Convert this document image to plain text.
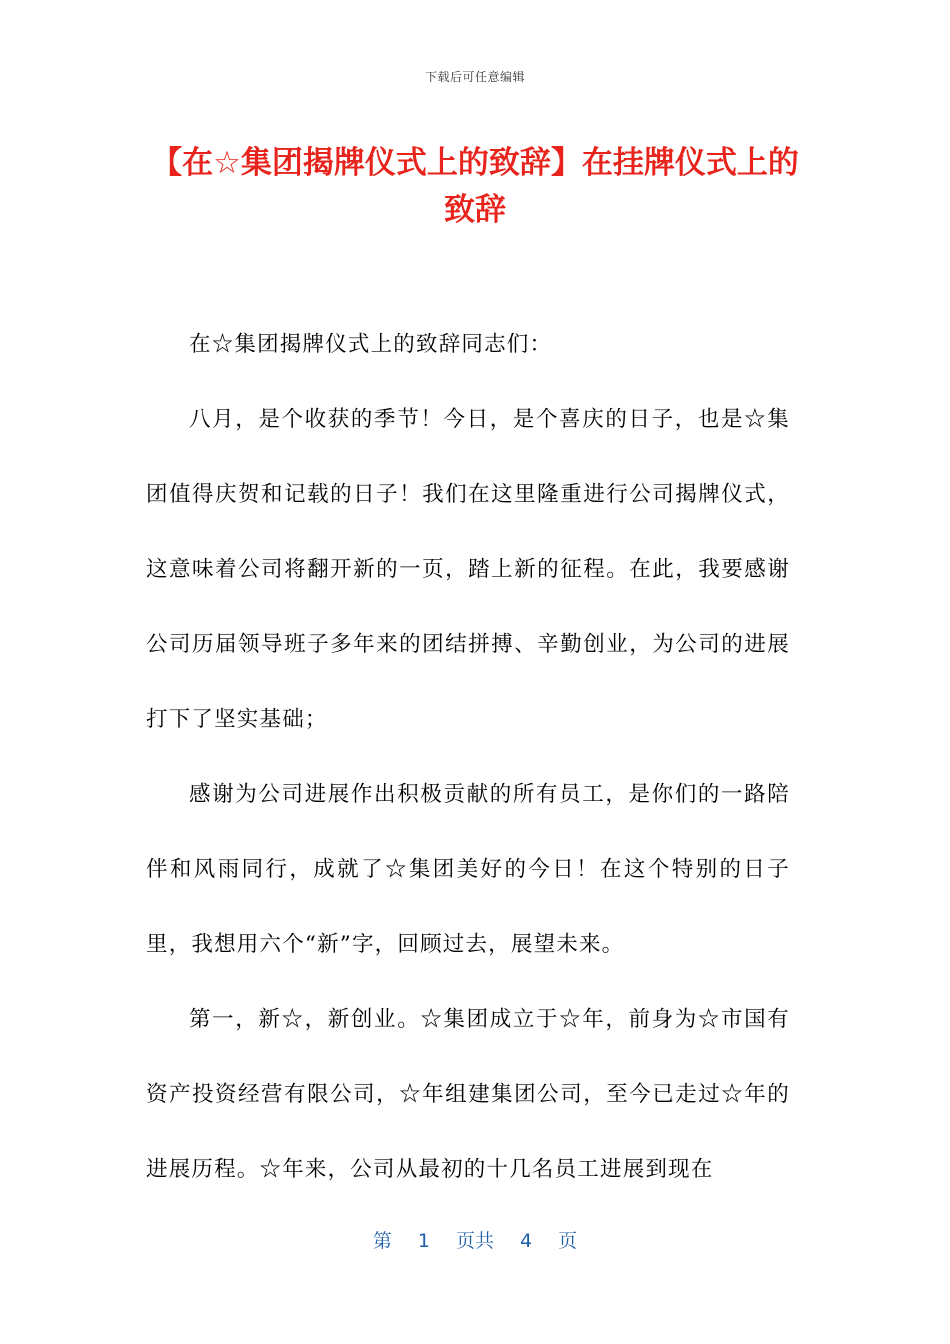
下载后可任意编辑
【在☆集团揭牌仪式上的致辞】在挂牌仪式上的致辞

在☆集团揭牌仪式上的致辞同志们：

八月，是个收获的季节！今日，是个喜庆的日子，也是☆集团值得庆贺和记载的日子！我们在这里隆重进行公司揭牌仪式，这意味着公司将翻开新的一页，踏上新的征程。在此，我要感谢公司历届领导班子多年来的团结拼搏、辛勤创业，为公司的进展打下了坚实基础；

感谢为公司进展作出积极贡献的所有员工，是你们的一路陪伴和风雨同行，成就了☆集团美好的今日！在这个特别的日子里，我想用六个“新”字，回顾过去，展望未来。

第一，新☆，新创业。☆集团成立于☆年，前身为☆市国有资产投资经营有限公司，☆年组建集团公司，至今已走过☆年的进展历程。☆年来，公司从最初的十几名员工进展到现在

第 1 页共 4 页
